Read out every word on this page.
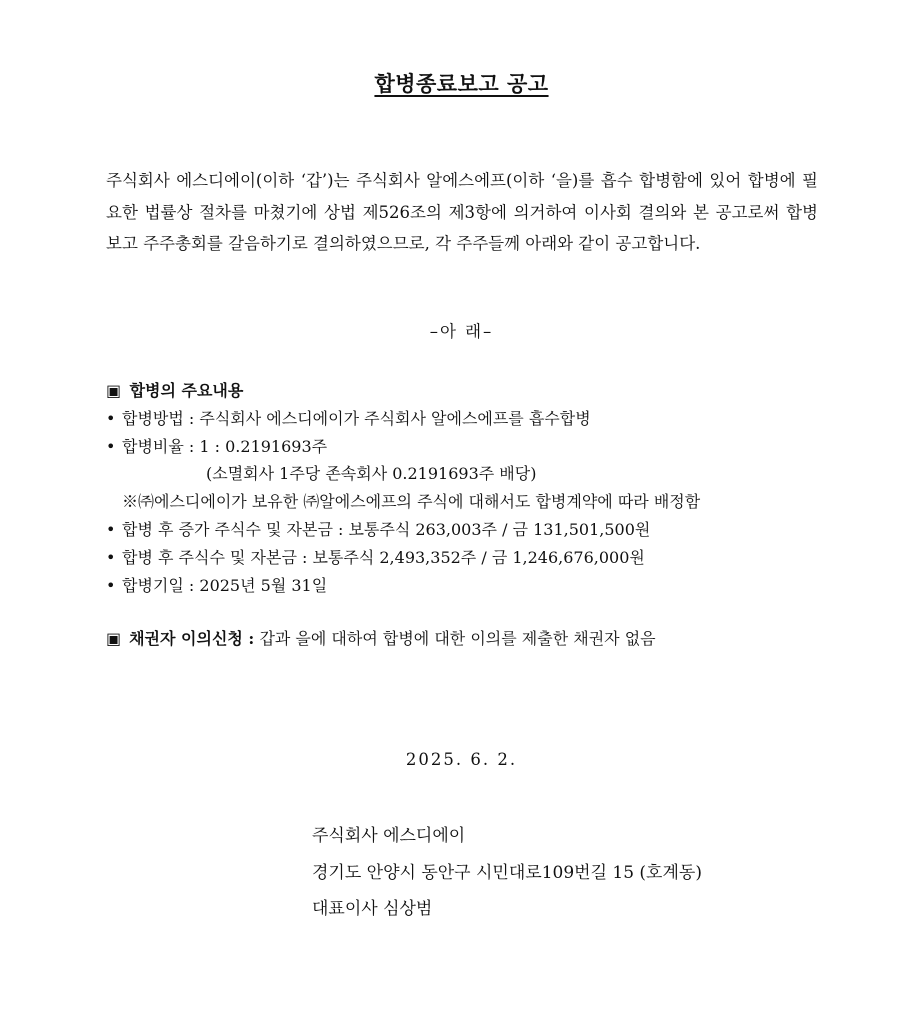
합병종료보고 공고
주식회사 에스디에이(이하 ‘갑’)는 주식회사 알에스에프(이하 ‘을)를 흡수 합병함에 있어 합병에 필요한 법률상 절차를 마쳤기에 상법 제526조의 제3항에 의거하여 이사회 결의와 본 공고로써 합병 보고 주주총회를 갈음하기로 결의하였으므로, 각 주주들께 아래와 같이 공고합니다.
–아 래–
▣ 합병의 주요내용
• 합병방법 : 주식회사 에스디에이가 주식회사 알에스에프를 흡수합병
• 합병비율 : 1 : 0.2191693주
(소멸회사 1주당 존속회사 0.2191693주 배당)
※㈜에스디에이가 보유한 ㈜알에스에프의 주식에 대해서도 합병계약에 따라 배정함
• 합병 후 증가 주식수 및 자본금 : 보통주식 263,003주 / 금 131,501,500원
• 합병 후 주식수 및 자본금 : 보통주식 2,493,352주 / 금 1,246,676,000원
• 합병기일 : 2025년 5월 31일
▣ 채권자 이의신청 : 갑과 을에 대하여 합병에 대한 이의를 제출한 채권자 없음
2025. 6. 2.
주식회사 에스디에이
경기도 안양시 동안구 시민대로109번길 15 (호계동)
대표이사 심상범
